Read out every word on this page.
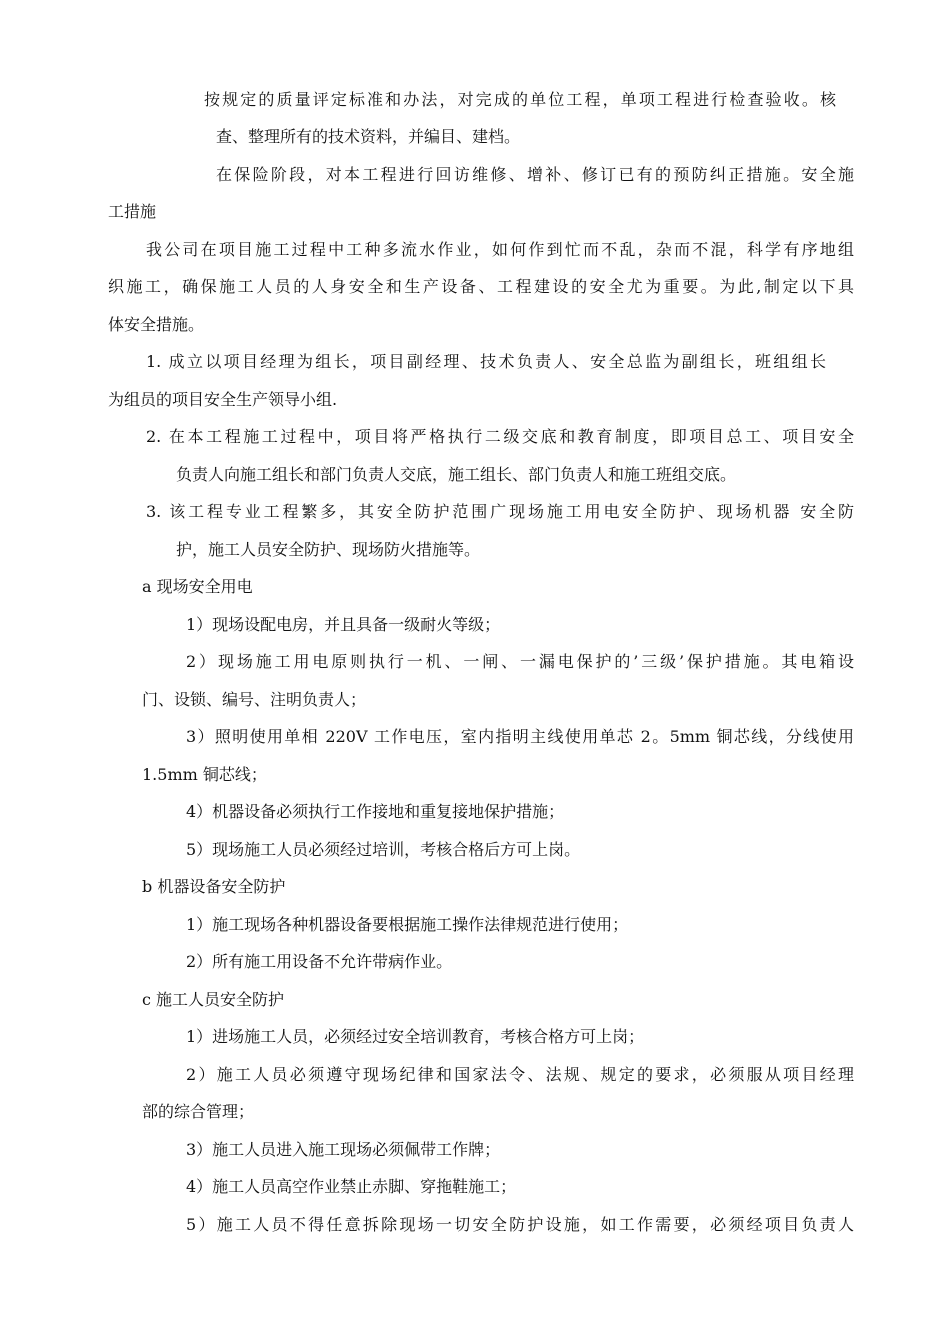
按规定的质量评定标准和办法，对完成的单位工程，单项工程进行检查验收。核
查、整理所有的技术资料，并编目、建档。
在保险阶段，对本工程进行回访维修、增补、修订已有的预防纠正措施。安全施
工措施
我公司在项目施工过程中工种多流水作业，如何作到忙而不乱，杂而不混，科学有序地组
织施工，确保施工人员的人身安全和生产设备、工程建设的安全尤为重要。为此,制定以下具
体安全措施。
1. 成立以项目经理为组长，项目副经理、技术负责人、安全总监为副组长，班组组长
为组员的项目安全生产领导小组.
2. 在本工程施工过程中，项目将严格执行二级交底和教育制度，即项目总工、项目安全
负责人向施工组长和部门负责人交底，施工组长、部门负责人和施工班组交底。
3. 该工程专业工程繁多，其安全防护范围广现场施工用电安全防护、现场机器 安全防
护，施工人员安全防护、现场防火措施等。
a 现场安全用电
1）现场设配电房，并且具备一级耐火等级；
2）现场施工用电原则执行一机、一闸、一漏电保护的’三级’保护措施。其电箱设
门、设锁、编号、注明负责人；
3）照明使用单相 220V 工作电压，室内指明主线使用单芯 2。5mm 铜芯线，分线使用
1.5mm 铜芯线；
4）机器设备必须执行工作接地和重复接地保护措施；
5）现场施工人员必须经过培训，考核合格后方可上岗。
b 机器设备安全防护
1）施工现场各种机器设备要根据施工操作法律规范进行使用；
2）所有施工用设备不允许带病作业。
c 施工人员安全防护
1）进场施工人员，必须经过安全培训教育，考核合格方可上岗；
2）施工人员必须遵守现场纪律和国家法令、法规、规定的要求，必须服从项目经理
部的综合管理；
3）施工人员进入施工现场必须佩带工作牌；
4）施工人员高空作业禁止赤脚、穿拖鞋施工；
5）施工人员不得任意拆除现场一切安全防护设施，如工作需要，必须经项目负责人
